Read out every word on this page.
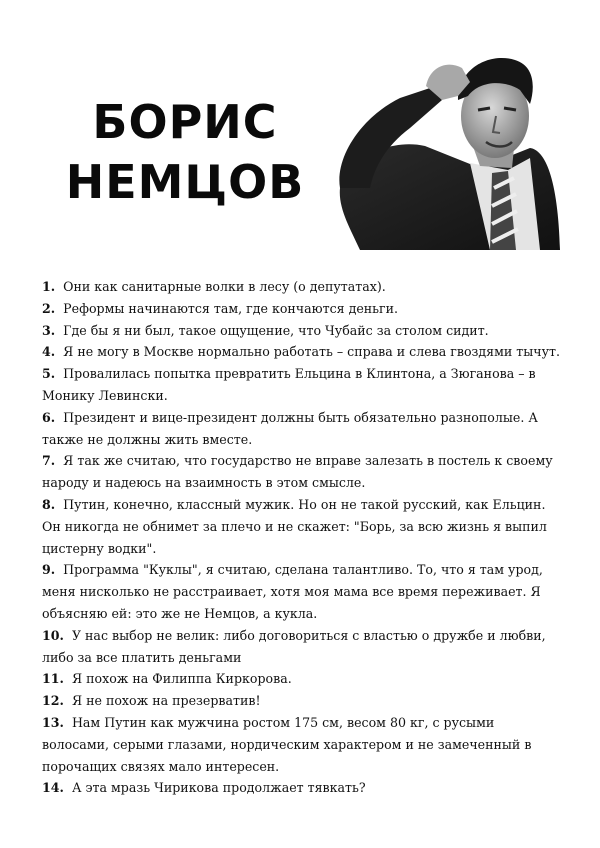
БОРИС
НЕМЦОВ
1. Они как санитарные волки в лесу (о депутатах).
2. Реформы начинаются там, где кончаются деньги.
3. Где бы я ни был, такое ощущение, что Чубайс за столом сидит.
4. Я не могу в Москве нормально работать – справа и слева гвоздями тычут.
5. Провалилась попытка превратить Ельцина в Клинтона, а Зюганова – в Монику Левински.
6. Президент и вице-президент должны быть обязательно разнополые. А также не должны жить вместе.
7. Я так же считаю, что государство не вправе залезать в постель к своему народу и надеюсь на взаимность в этом смысле.
8. Путин, конечно, классный мужик. Но он не такой русский, как Ельцин. Он никогда не обнимет за плечо и не скажет: "Борь, за всю жизнь я выпил цистерну водки".
9. Программа "Куклы", я считаю, сделана талантливо. То, что я там урод, меня нисколько не расстраивает, хотя моя мама все время переживает. Я объясняю ей: это же не Немцов, а кукла.
10. У нас выбор не велик: либо договориться с властью о дружбе и любви, либо за все платить деньгами
11. Я похож на Филиппа Киркорова.
12. Я не похож на презерватив!
13. Нам Путин как мужчина ростом 175 см, весом 80 кг, с русыми волосами, серыми глазами, нордическим характером и не замеченный в порочащих связях мало интересен.
14. А эта мразь Чирикова продолжает тявкать?
